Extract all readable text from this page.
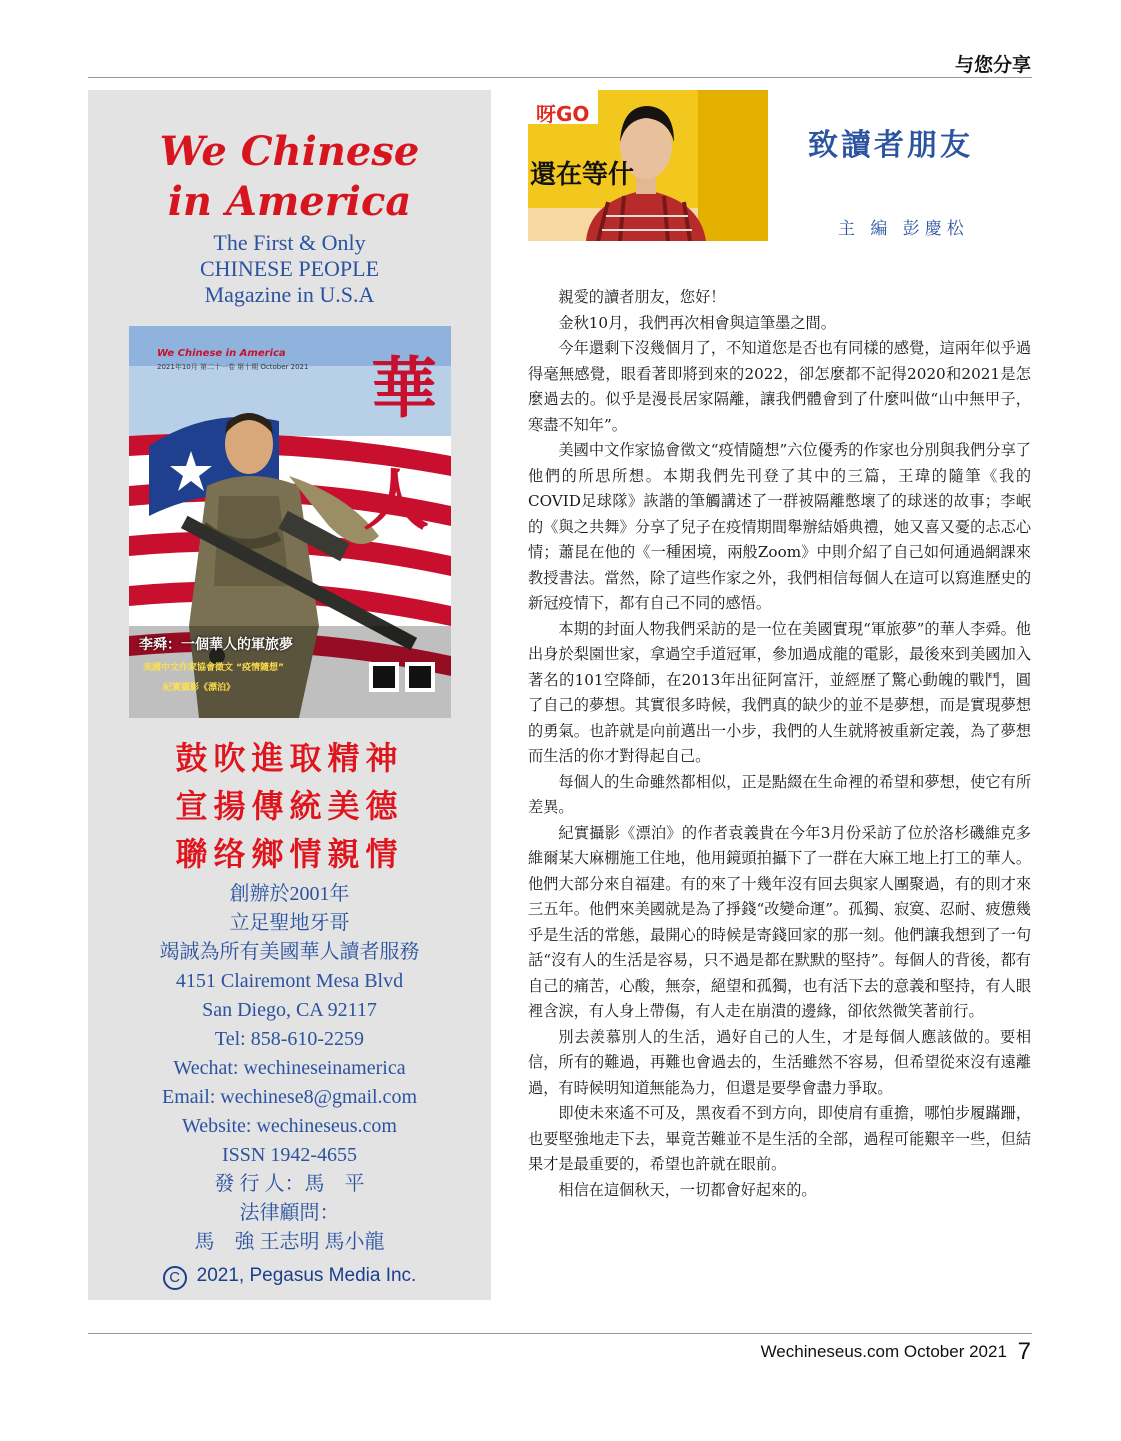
与您分享
We Chinese
in America
The First & Only
CHINESE PEOPLE
Magazine in U.S.A
We Chinese in America
2021年10月 第二十一卷 第十期 October 2021 華
人
李舜：一個華人的軍旅夢
美國中文作家協會徵文 “疫情隨想”
紀實攝影《漂泊》
鼓吹進取精神
宣揚傳統美德
聯络鄉情親情
創辦於2001年
立足聖地牙哥
竭誠為所有美國華人讀者服務
4151 Clairemont Mesa Blvd
San Diego, CA 92117
Tel: 858-610-2259
Wechat: wechineseinamerica
Email: wechinese8@gmail.com
Website: wechineseus.com
ISSN 1942-4655
發 行 人：馬　平
法律顧問：
馬　強 王志明 馬小龍
C 2021, Pegasus Media Inc.
呀GO
還在等什
致讀者朋友
主 編 彭慶松

親愛的讀者朋友，您好！

金秋10月，我們再次相會與這筆墨之間。

今年還剩下沒幾個月了，不知道您是否也有同樣的感覺，這兩年似乎過得毫無感覺，眼看著即將到來的2022，卻怎麼都不記得2020和2021是怎麼過去的。似乎是漫長居家隔離，讓我們體會到了什麼叫做“山中無甲子，寒盡不知年”。

美國中文作家協會徵文“疫情隨想”六位優秀的作家也分別與我們分享了他們的所思所想。本期我們先刊登了其中的三篇，王瑋的隨筆《我的COVID足球隊》詼諧的筆觸講述了一群被隔離憋壞了的球迷的故事；李岷的《與之共舞》分享了兒子在疫情期間舉辦結婚典禮，她又喜又憂的忐忑心情；蕭昆在他的《一種困境，兩般Zoom》中則介紹了自己如何通過網課來教授書法。當然，除了這些作家之外，我們相信每個人在這可以寫進歷史的新冠疫情下，都有自己不同的感悟。

本期的封面人物我們采訪的是一位在美國實現“軍旅夢”的華人李舜。他出身於梨園世家，拿過空手道冠軍，參加過成龍的電影，最後來到美國加入著名的101空降師，在2013年出征阿富汗，並經歷了驚心動魄的戰鬥，圓了自己的夢想。其實很多時候，我們真的缺少的並不是夢想，而是實現夢想的勇氣。也許就是向前邁出一小步，我們的人生就將被重新定義，為了夢想而生活的你才對得起自己。

每個人的生命雖然都相似，正是點綴在生命裡的希望和夢想，使它有所差異。

紀實攝影《漂泊》的作者袁義貴在今年3月份采訪了位於洛杉磯維克多維爾某大麻棚施工住地，他用鏡頭拍攝下了一群在大麻工地上打工的華人。他們大部分來自福建。有的來了十幾年沒有回去與家人團聚過，有的則才來三五年。他們來美國就是為了掙錢“改變命運”。孤獨、寂寞、忍耐、疲憊幾乎是生活的常態，最開心的時候是寄錢回家的那一刻。他們讓我想到了一句話“沒有人的生活是容易，只不過是都在默默的堅持”。每個人的背後，都有自己的痛苦，心酸，無奈，絕望和孤獨，也有活下去的意義和堅持，有人眼裡含淚，有人身上帶傷，有人走在崩潰的邊緣，卻依然微笑著前行。

別去羨慕別人的生活，過好自己的人生，才是每個人應該做的。要相信，所有的難過，再難也會過去的，生活雖然不容易，但希望從來沒有遠離過，有時候明知道無能為力，但還是要學會盡力爭取。

即使未來遙不可及，黑夜看不到方向，即使肩有重擔，哪怕步履蹣跚，也要堅強地走下去，畢竟苦難並不是生活的全部，過程可能艱辛一些，但結果才是最重要的，希望也許就在眼前。

相信在這個秋天，一切都會好起來的。

Wechineseus.com October 2021 7
